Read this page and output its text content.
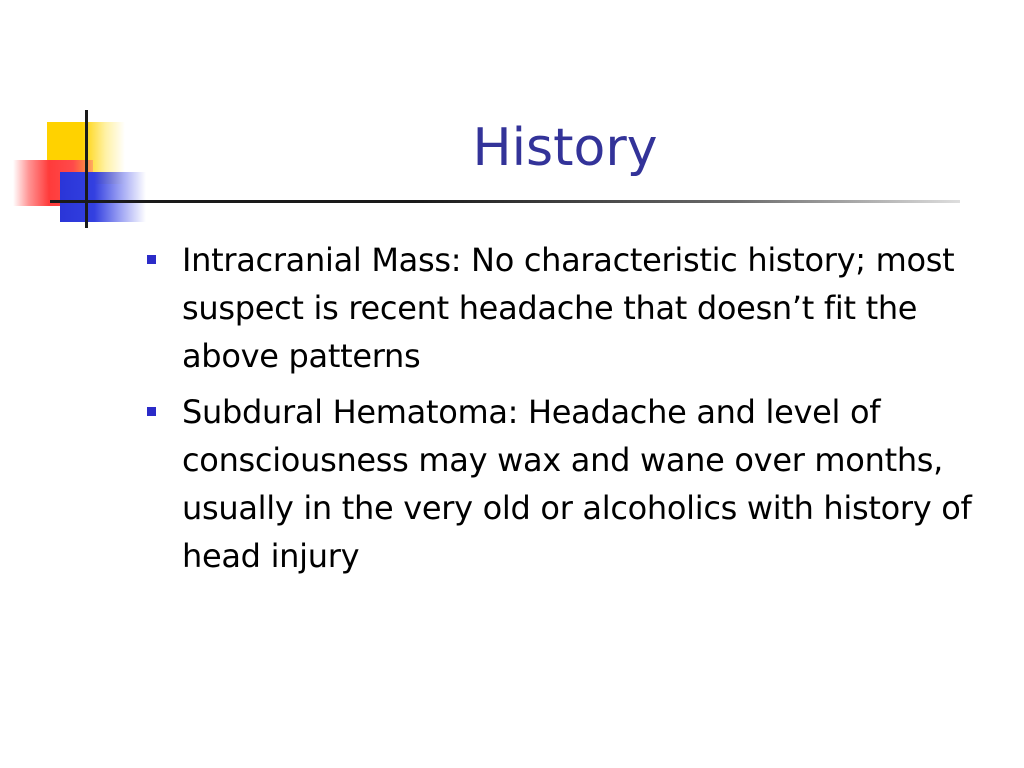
History
Intracranial Mass: No characteristic history; most suspect is recent headache that doesn’t fit the above patterns
Subdural Hematoma: Headache and level of consciousness may wax and wane over months, usually in the very old or alcoholics with history of head injury
